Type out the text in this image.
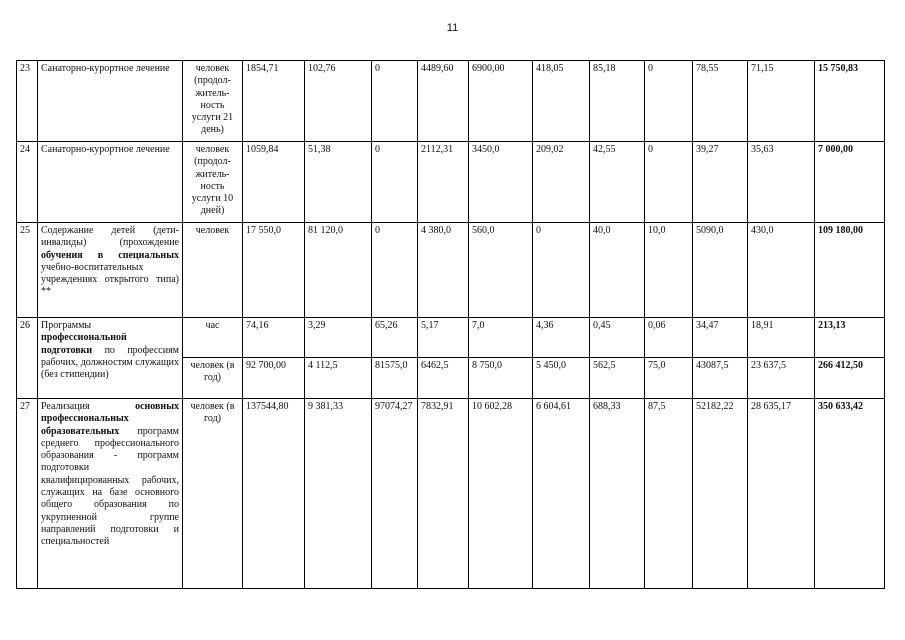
11
23	Санаторно-курортное лечение	человек (продол-житель-ность услуги 21 день)	1854,71	102,76	0	4489,60	6900,00	418,05	85,18	0	78,55	71,15	15 750,83
24	Санаторно-курортное лечение	человек (продол-житель-ность услуги 10 дней)	1059,84	51,38	0	2112,31	3450,0	209,02	42,55	0	39,27	35,63	7 000,00
25	Содержание детей (дети-инвалиды) (прохождение обучения в специальных учебно-воспитательных учреждениях открытого типа) **	человек	17 550,0	81 120,0	0	4 380,0	560,0	0	40,0	10,0	5090,0	430,0	109 180,00
26	Программы профессиональной подготовки по профессиям рабочих, должностям служащих (без стипендии)	час	74,16	3,29	65,26	5,17	7,0	4,36	0,45	0,06	34,47	18,91	213,13
		человек (в год)	92 700,00	4 112,5	81575,0	6462,5	8 750,0	5 450,0	562,5	75,0	43087,5	23 637,5	266 412,50
27	Реализация основных профессиональных образовательных программ среднего профессионального образования - программ подготовки квалифицированных рабочих, служащих на базе основного общего образования по укрупненной группе направлений подготовки и специальностей	человек (в год)	137544,80	9 381,33	97074,27	7832,91	10 602,28	6 604,61	688,33	87,5	52182,22	28 635,17	350 633,42
